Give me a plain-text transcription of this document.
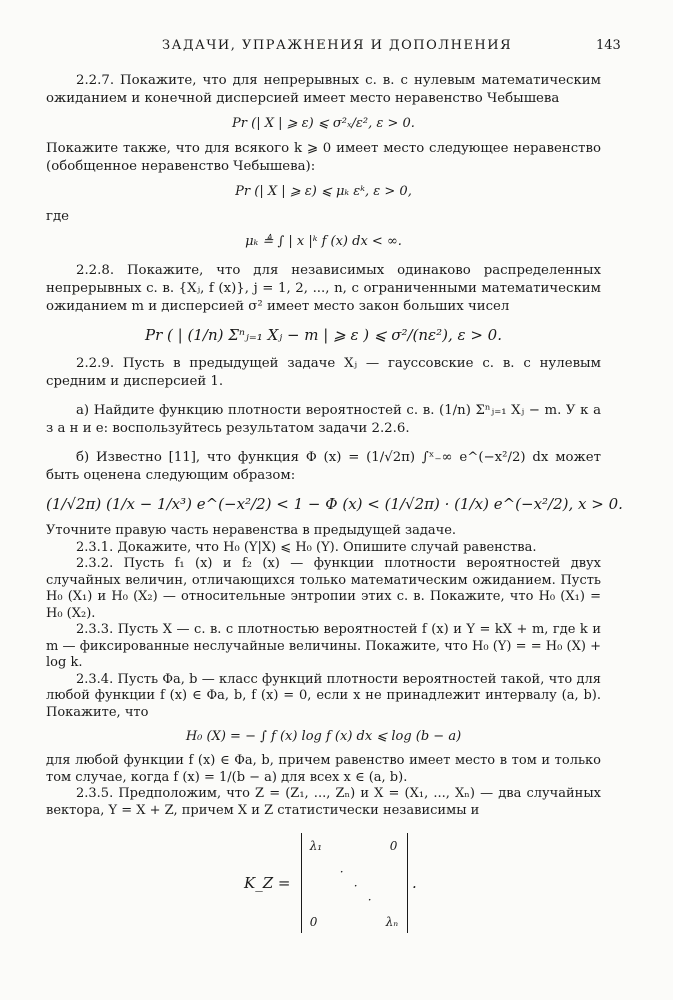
ЗАДАЧИ, УПРАЖНЕНИЯ И ДОПОЛНЕНИЯ	143

2.2.7. Покажите, что для непрерывных с. в. с нулевым математическим ожиданием и конечной дисперсией имеет место неравенство Чебышева

Pr (| X | ⩾ ε) ⩽ σ²ₓ/ε², ε > 0.

Покажите также, что для всякого k ⩾ 0 имеет место следующее неравенство (обобщенное неравенство Чебышева):

Pr (| X | ⩾ ε) ⩽ μₖ εᵏ, ε > 0,

где

μₖ ≜ ∫ | x |ᵏ f (x) dx < ∞.

2.2.8. Покажите, что для независимых одинаково распределенных непрерывных с. в. {Xⱼ, f (x)}, j = 1, 2, ..., n, с ограниченными математическим ожиданием m и дисперсией σ² имеет место закон больших чисел

Pr ( | (1/n) Σⁿⱼ₌₁ Xⱼ − m | ⩾ ε ) ⩽ σ²/(nε²), ε > 0.

2.2.9. Пусть в предыдущей задаче Xⱼ — гауссовские с. в. с нулевым средним и дисперсией 1.

а) Найдите функцию плотности вероятностей с. в. (1/n) Σⁿⱼ₌₁ Xⱼ − m. У к а з а н и е: воспользуйтесь результатом задачи 2.2.6.

б) Известно [11], что функция Φ (x) = (1/√2π) ∫ˣ₋∞ e^(−x²/2) dx может быть оценена следующим образом:

(1/√2π) (1/x − 1/x³) e^(−x²/2) < 1 − Φ (x) < (1/√2π) · (1/x) e^(−x²/2), x > 0.

Уточните правую часть неравенства в предыдущей задаче.

2.3.1. Докажите, что H₀ (Y|X) ⩽ H₀ (Y). Опишите случай равенства.

2.3.2. Пусть f₁ (x) и f₂ (x) — функции плотности вероятностей двух случайных величин, отличающихся только математическим ожиданием. Пусть H₀ (X₁) и H₀ (X₂) — относительные энтропии этих с. в. Покажите, что H₀ (X₁) = H₀ (X₂).

2.3.3. Пусть X — с. в. с плотностью вероятностей f (x) и Y = kX + m, где k и m — фиксированные неслучайные величины. Покажите, что H₀ (Y) = = H₀ (X) + log k.

2.3.4. Пусть Φa, b — класс функций плотности вероятностей такой, что для любой функции f (x) ∈ Φa, b, f (x) = 0, если x не принадлежит интервалу (a, b). Покажите, что

H₀ (X) = − ∫ f (x) log f (x) dx ⩽ log (b − a)

для любой функции f (x) ∈ Φa, b, причем равенство имеет место в том и только том случае, когда f (x) = 1/(b − a) для всех x ∈ (a, b).

2.3.5. Предположим, что Z = (Z₁, ..., Zₙ) и X = (X₁, ..., Xₙ) — два случайных вектора, Y = X + Z, причем X и Z статистически независимы и

K_Z =
λ₁	0
·
·
·
0	λₙ
.
